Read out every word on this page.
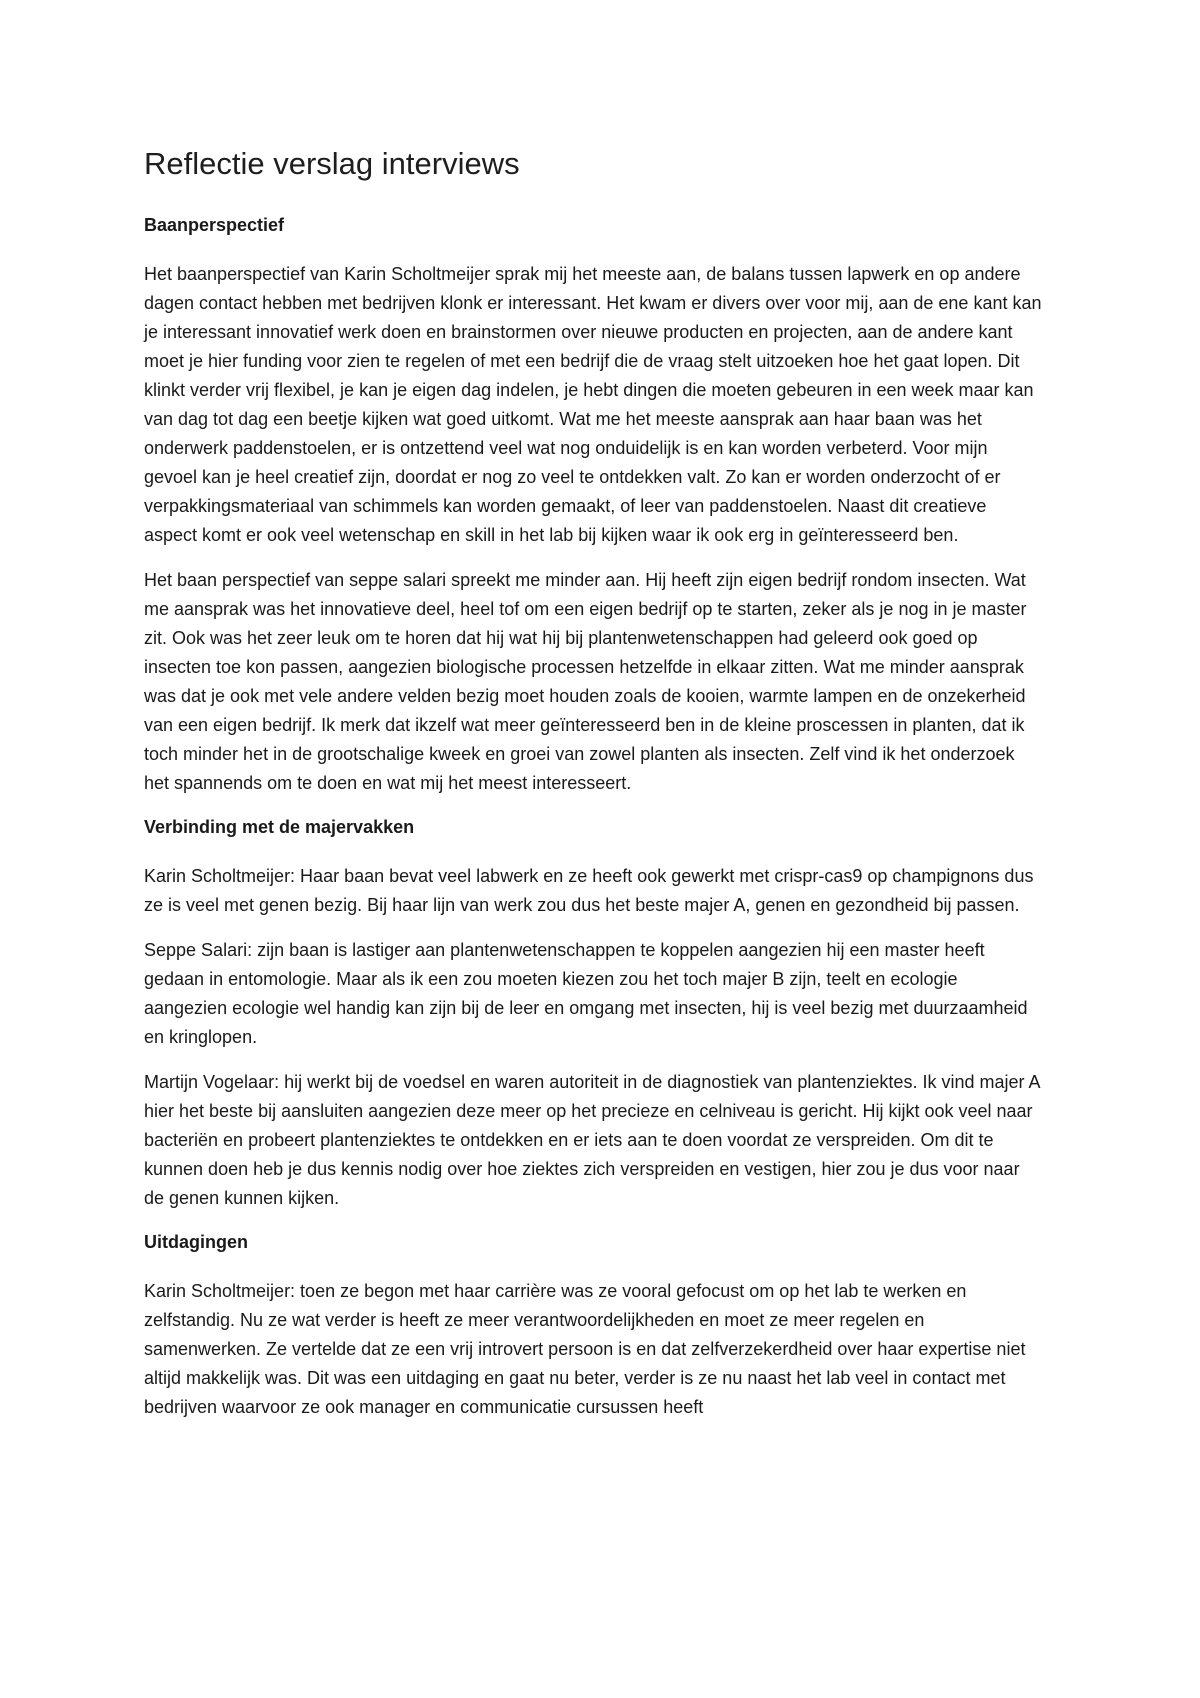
Reflectie verslag interviews
Baanperspectief

Het baanperspectief van Karin Scholtmeijer sprak mij het meeste aan, de balans tussen lapwerk en op andere dagen contact hebben met bedrijven klonk er interessant. Het kwam er divers over voor mij, aan de ene kant kan je interessant innovatief werk doen en brainstormen over nieuwe producten en projecten, aan de andere kant moet je hier funding voor zien te regelen of met een bedrijf die de vraag stelt uitzoeken hoe het gaat lopen. Dit klinkt verder vrij flexibel, je kan je eigen dag indelen, je hebt dingen die moeten gebeuren in een week maar kan van dag tot dag een beetje kijken wat goed uitkomt. Wat me het meeste aansprak aan haar baan was het onderwerk paddenstoelen, er is ontzettend veel wat nog onduidelijk is en kan worden verbeterd. Voor mijn gevoel kan je heel creatief zijn, doordat er nog zo veel te ontdekken valt. Zo kan er worden onderzocht of er verpakkingsmateriaal van schimmels kan worden gemaakt, of leer van paddenstoelen. Naast dit creatieve aspect komt er ook veel wetenschap en skill in het lab bij kijken waar ik ook erg in geïnteresseerd ben.

Het baan perspectief van seppe salari spreekt me minder aan. Hij heeft zijn eigen bedrijf rondom insecten. Wat me aansprak was het innovatieve deel, heel tof om een eigen bedrijf op te starten, zeker als je nog in je master zit. Ook was het zeer leuk om te horen dat hij wat hij bij plantenwetenschappen had geleerd ook goed op insecten toe kon passen, aangezien biologische processen hetzelfde in elkaar zitten. Wat me minder aansprak was dat je ook met vele andere velden bezig moet houden zoals de kooien, warmte lampen en de onzekerheid van een eigen bedrijf. Ik merk dat ikzelf wat meer geïnteresseerd ben in de kleine proscessen in planten, dat ik toch minder het in de grootschalige kweek en groei van zowel planten als insecten. Zelf vind ik het onderzoek het spannends om te doen en wat mij het meest interesseert.

Verbinding met de majervakken

Karin Scholtmeijer: Haar baan bevat veel labwerk en ze heeft ook gewerkt met crispr-cas9 op champignons dus ze is veel met genen bezig. Bij haar lijn van werk zou dus het beste majer A, genen en gezondheid bij passen.

Seppe Salari: zijn baan is lastiger aan plantenwetenschappen te koppelen aangezien hij een master heeft gedaan in entomologie. Maar als ik een zou moeten kiezen zou het toch majer B zijn, teelt en ecologie aangezien ecologie wel handig kan zijn bij de leer en omgang met insecten, hij is veel bezig met duurzaamheid en kringlopen.

Martijn Vogelaar: hij werkt bij de voedsel en waren autoriteit in de diagnostiek van plantenziektes. Ik vind majer A hier het beste bij aansluiten aangezien deze meer op het precieze en celniveau is gericht. Hij kijkt ook veel naar bacteriën en probeert plantenziektes te ontdekken en er iets aan te doen voordat ze verspreiden. Om dit te kunnen doen heb je dus kennis nodig over hoe ziektes zich verspreiden en vestigen, hier zou je dus voor naar de genen kunnen kijken.

Uitdagingen

Karin Scholtmeijer: toen ze begon met haar carrière was ze vooral gefocust om op het lab te werken en zelfstandig. Nu ze wat verder is heeft ze meer verantwoordelijkheden en moet ze meer regelen en samenwerken. Ze vertelde dat ze een vrij introvert persoon is en dat zelfverzekerdheid over haar expertise niet altijd makkelijk was. Dit was een uitdaging en gaat nu beter, verder is ze nu naast het lab veel in contact met bedrijven waarvoor ze ook manager en communicatie cursussen heeft
